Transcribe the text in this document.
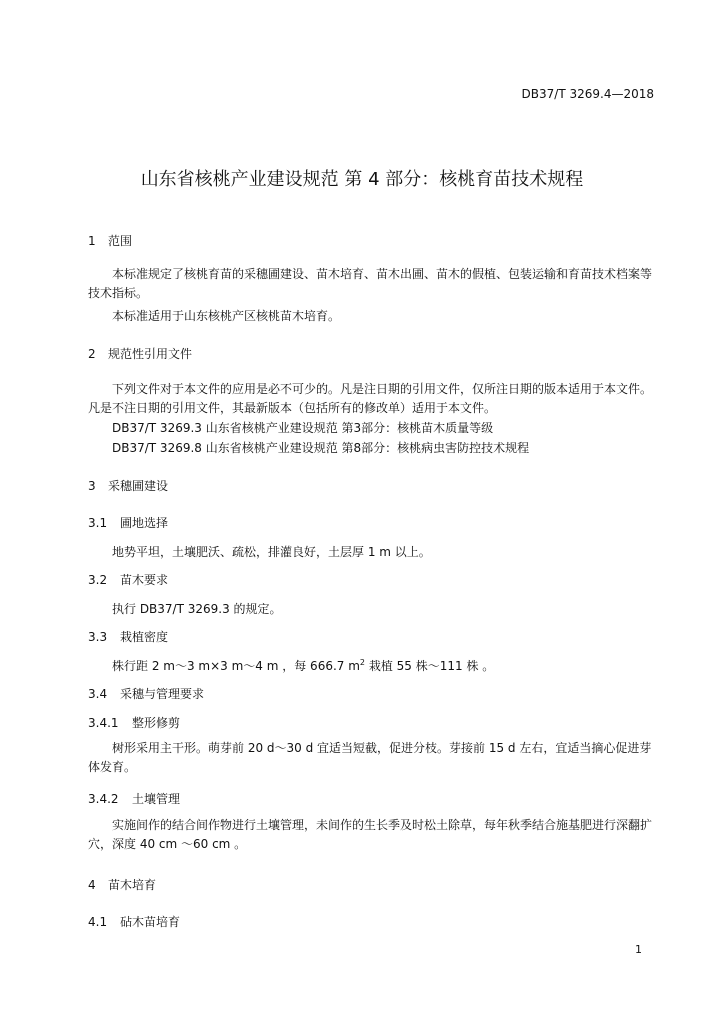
DB37/T 3269.4—2018
山东省核桃产业建设规范 第 4 部分：核桃育苗技术规程
1 范围
本标准规定了核桃育苗的采穗圃建设、苗木培育、苗木出圃、苗木的假植、包装运输和育苗技术档案等技术指标。
本标准适用于山东核桃产区核桃苗木培育。
2 规范性引用文件
下列文件对于本文件的应用是必不可少的。凡是注日期的引用文件，仅所注日期的版本适用于本文件。凡是不注日期的引用文件，其最新版本（包括所有的修改单）适用于本文件。
DB37/T 3269.3 山东省核桃产业建设规范 第3部分：核桃苗木质量等级
DB37/T 3269.8 山东省核桃产业建设规范 第8部分：核桃病虫害防控技术规程
3 采穗圃建设
3.1 圃地选择
地势平坦，土壤肥沃、疏松，排灌良好，土层厚 1 m 以上。
3.2 苗木要求
执行 DB37/T 3269.3 的规定。
3.3 栽植密度
株行距 2 m～3 m×3 m～4 m ，每 666.7 $m^2$ 栽植 55 株～111 株 。
3.4 采穗与管理要求
3.4.1 整形修剪
树形采用主干形。萌芽前 20 d～30 d 宜适当短截，促进分枝。芽接前 15 d 左右，宜适当摘心促进芽体发育。
3.4.2 土壤管理
实施间作的结合间作物进行土壤管理，未间作的生长季及时松土除草，每年秋季结合施基肥进行深翻扩穴，深度 40 cm ～60 cm 。
4 苗木培育
4.1 砧木苗培育
1
